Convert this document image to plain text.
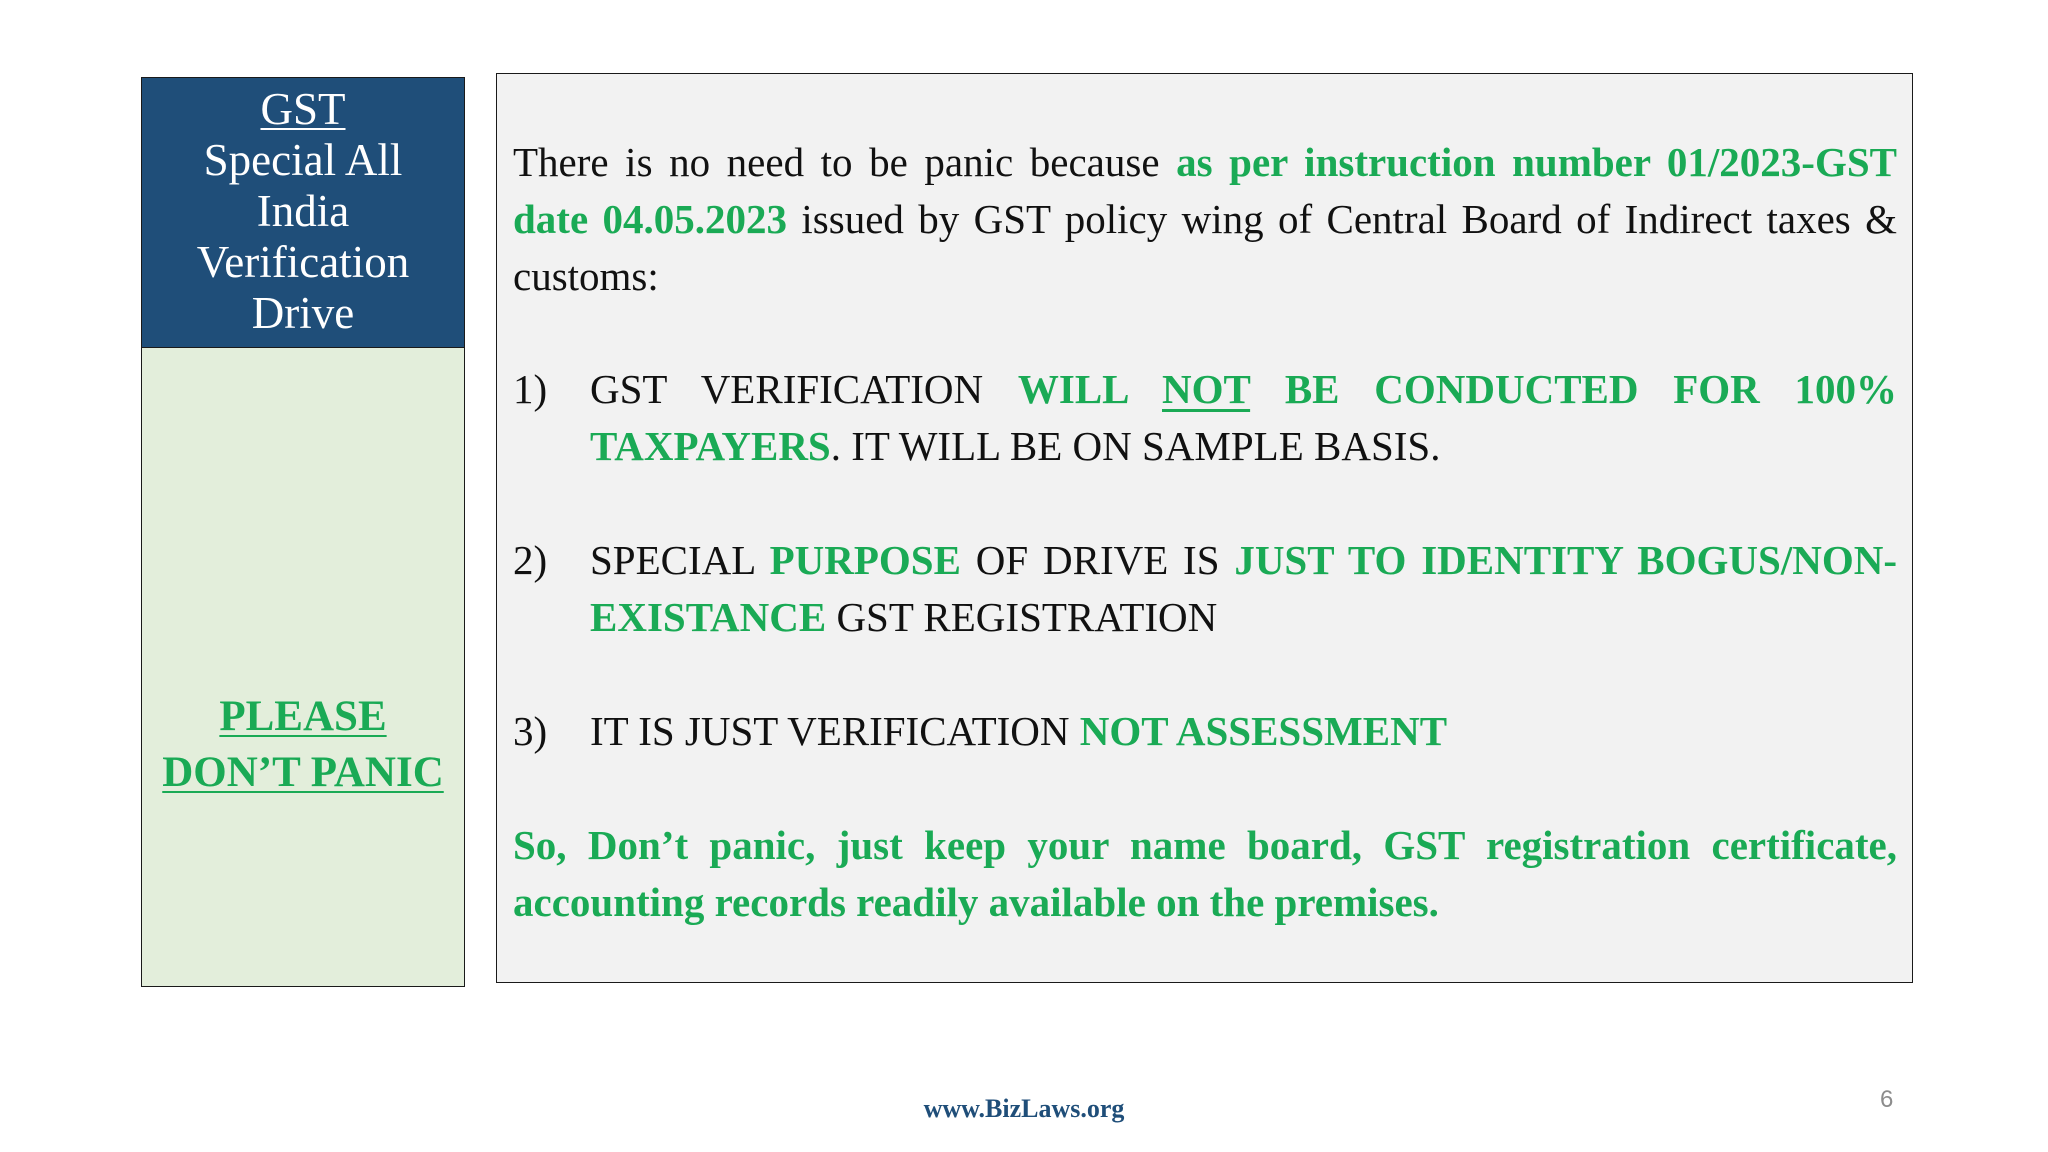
GST
Special All
India
Verification
Drive
PLEASE
DON’T PANIC

There is no need to be panic because as per instruction number 01/2023-GST date 04.05.2023 issued by GST policy wing of Central Board of Indirect taxes & customs:

1)	GST VERIFICATION WILL NOT BE CONDUCTED FOR 100% TAXPAYERS. IT WILL BE ON SAMPLE BASIS.
2)	SPECIAL PURPOSE OF DRIVE IS JUST TO IDENTITY BOGUS/NON-EXISTANCE GST REGISTRATION
3)	IT IS JUST VERIFICATION NOT ASSESSMENT

So, Don’t panic, just keep your name board, GST registration certificate, accounting records readily available on the premises.

www.BizLaws.org	6
